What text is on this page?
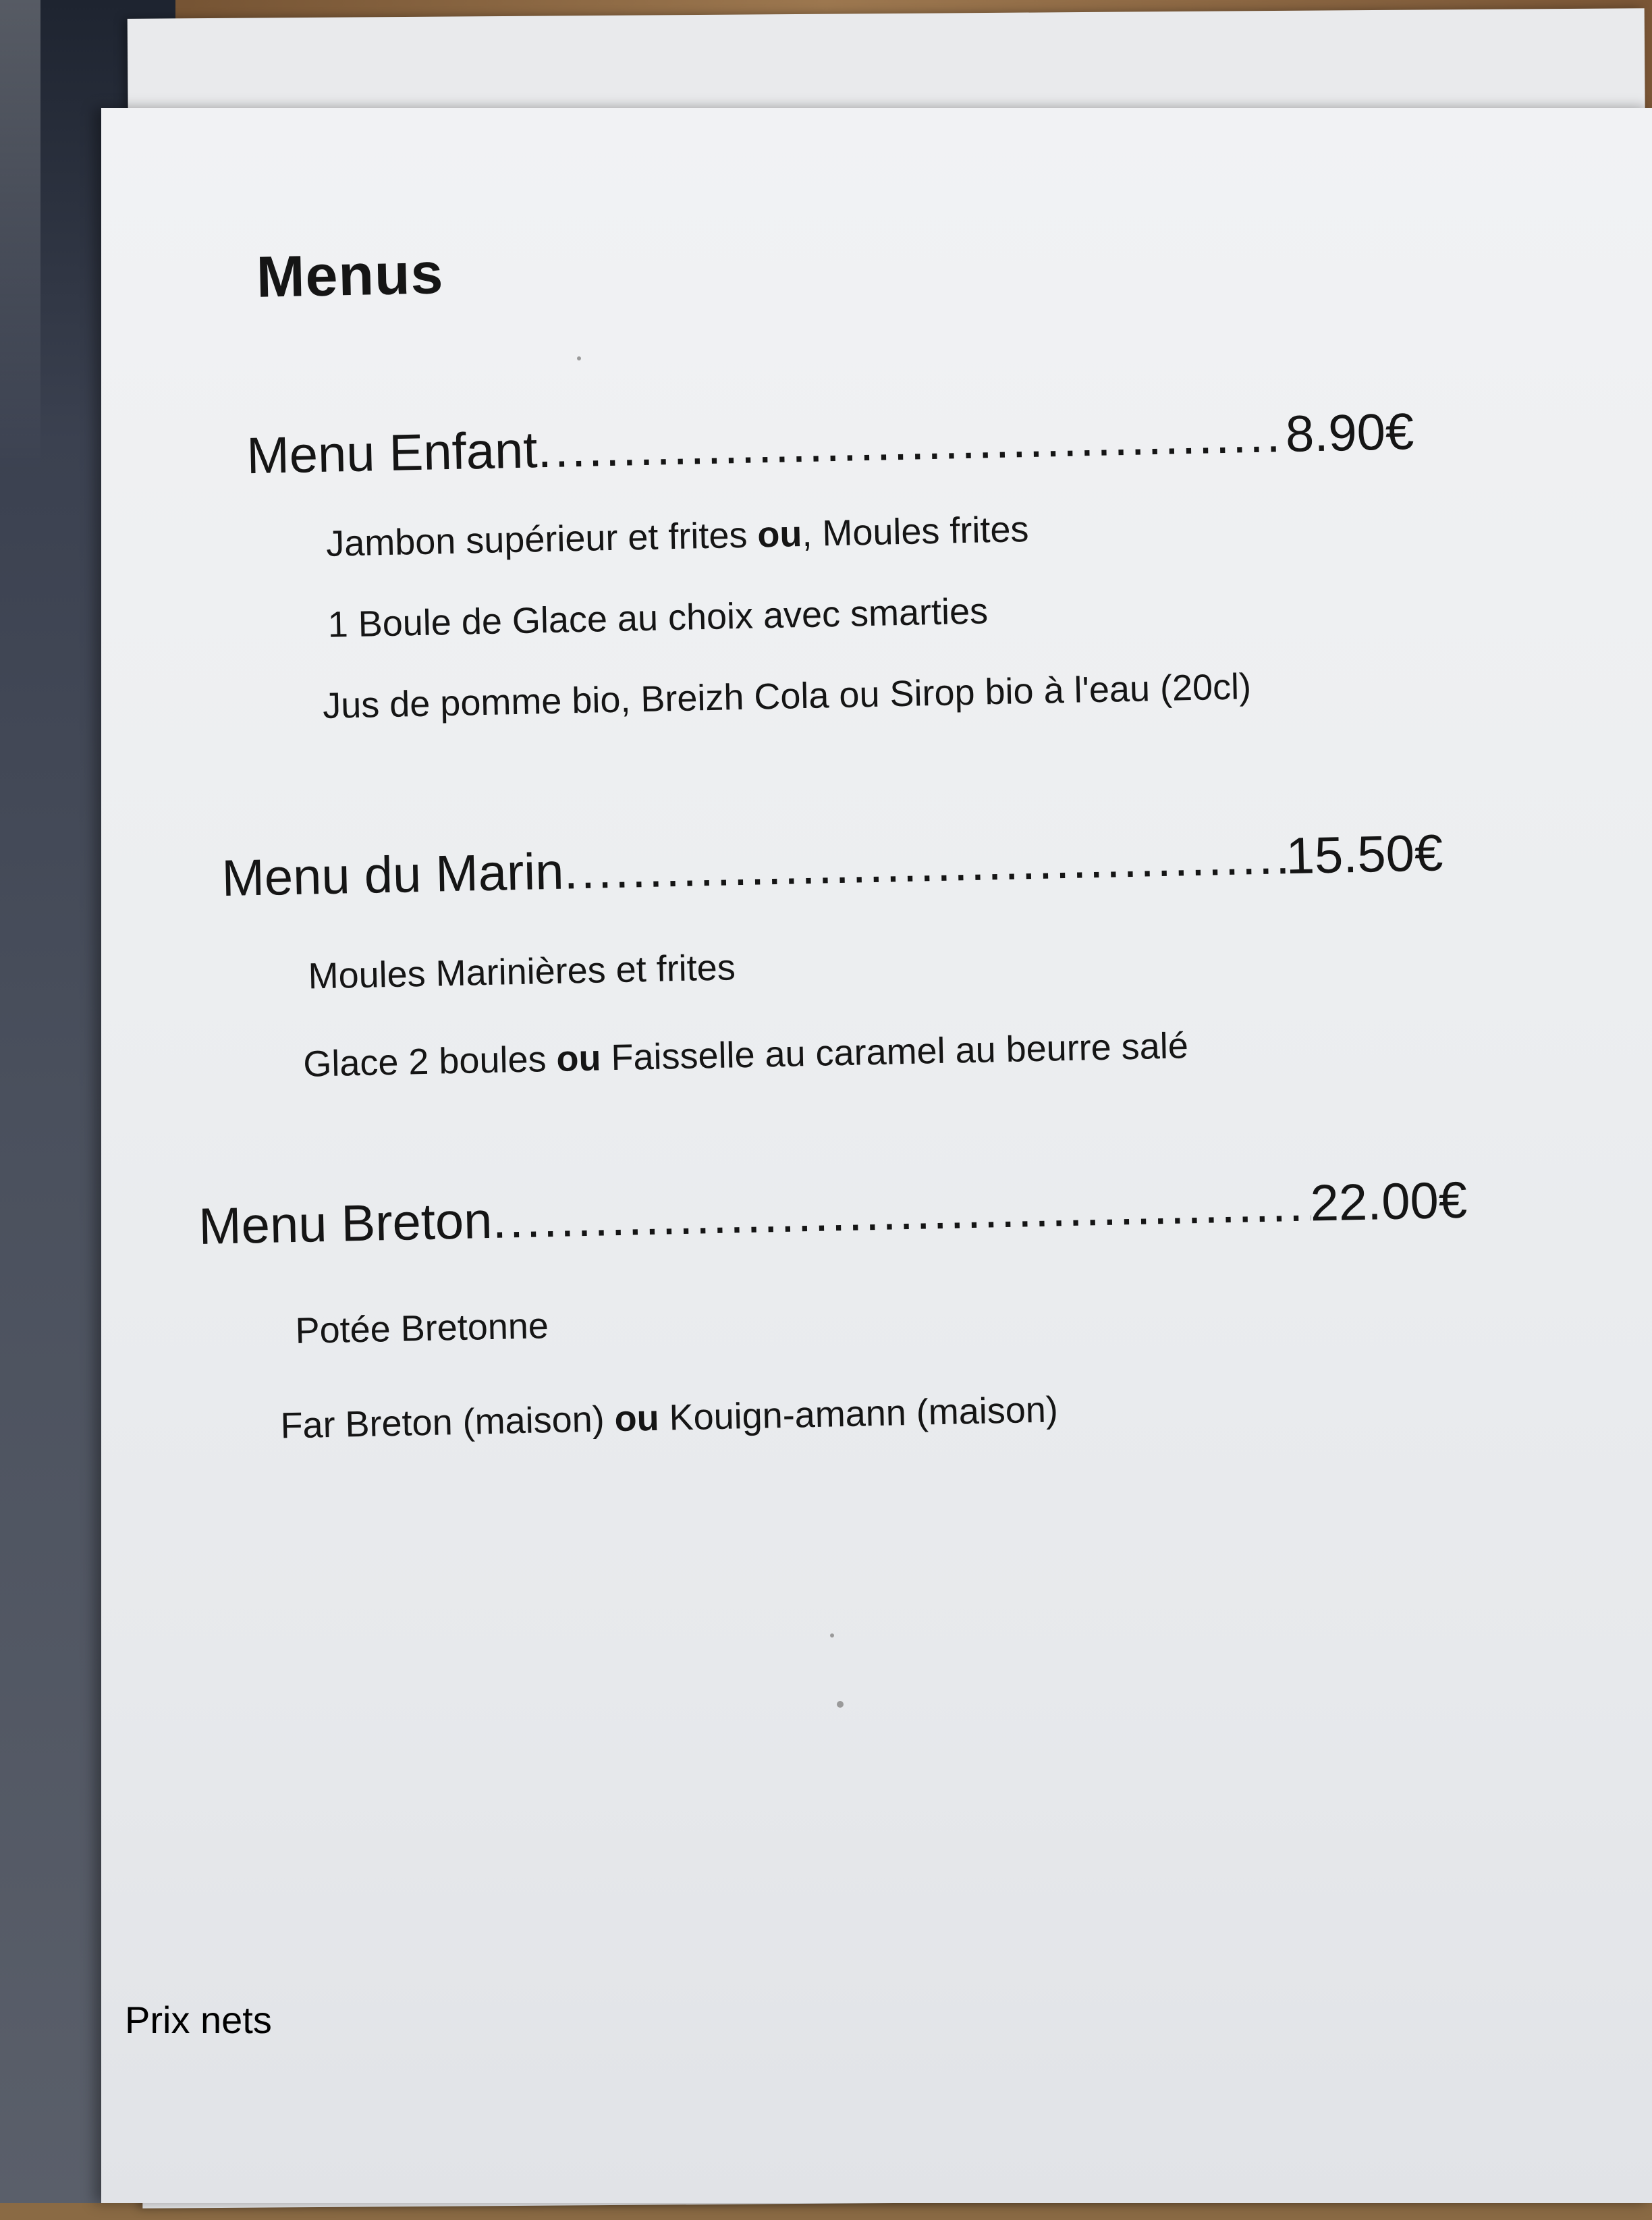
Menus
Menu Enfant .....	8.90€
Jambon supérieur et frites ou, Moules frites
1 Boule de Glace au choix avec smarties
Jus de pomme bio, Breizh Cola ou Sirop bio à l'eau (20cl)
Menu du Marin .....	15.50€
Moules Marinières et frites
Glace 2 boules ou Faisselle au caramel au beurre salé
Menu Breton .....	22.00€
Potée Bretonne
Far Breton (maison) ou Kouign-amann (maison)
Prix nets
